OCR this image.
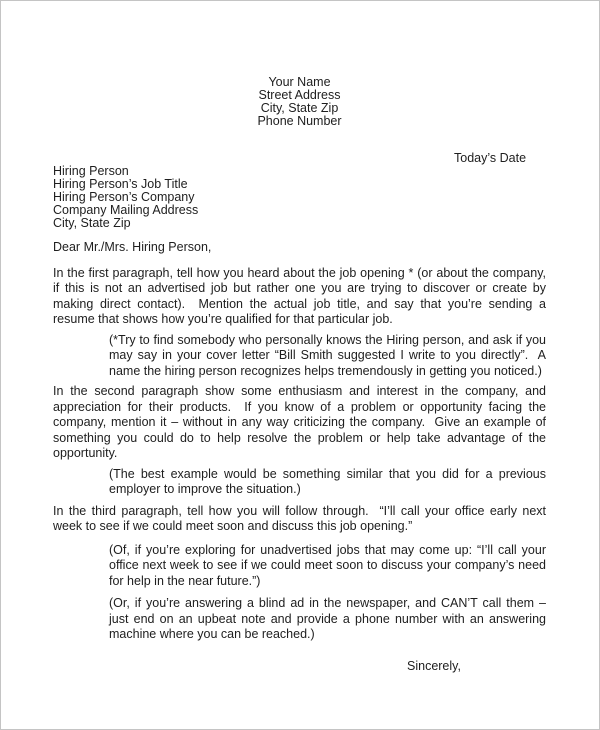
Your Name
Street Address
City, State Zip
Phone Number
Today’s Date
Hiring Person
Hiring Person’s Job Title
Hiring Person’s Company
Company Mailing Address
City, State Zip
Dear Mr./Mrs. Hiring Person,
In the first paragraph, tell how you heard about the job opening * (or about the company, if this is not an advertised job but rather one you are trying to discover or create by making direct contact).  Mention the actual job title, and say that you’re sending a resume that shows how you’re qualified for that particular job.
(*Try to find somebody who personally knows the Hiring person, and ask if you may say in your cover letter “Bill Smith suggested I write to you directly”.  A name the hiring person recognizes helps tremendously in getting you noticed.)
In the second paragraph show some enthusiasm and interest in the company, and appreciation for their products.  If you know of a problem or opportunity facing the company, mention it – without in any way criticizing the company.  Give an example of something you could do to help resolve the problem or help take advantage of the opportunity.
(The best example would be something similar that you did for a previous employer to improve the situation.)
In the third paragraph, tell how you will follow through.  “I’ll call your office early next week to see if we could meet soon and discuss this job opening.”
(Of, if you’re exploring for unadvertised jobs that may come up: “I’ll call your office next week to see if we could meet soon to discuss your company’s need for help in the near future.”)
(Or, if you’re answering a blind ad in the newspaper, and CAN’T call them – just end on an upbeat note and provide a phone number with an answering machine where you can be reached.)
Sincerely,
